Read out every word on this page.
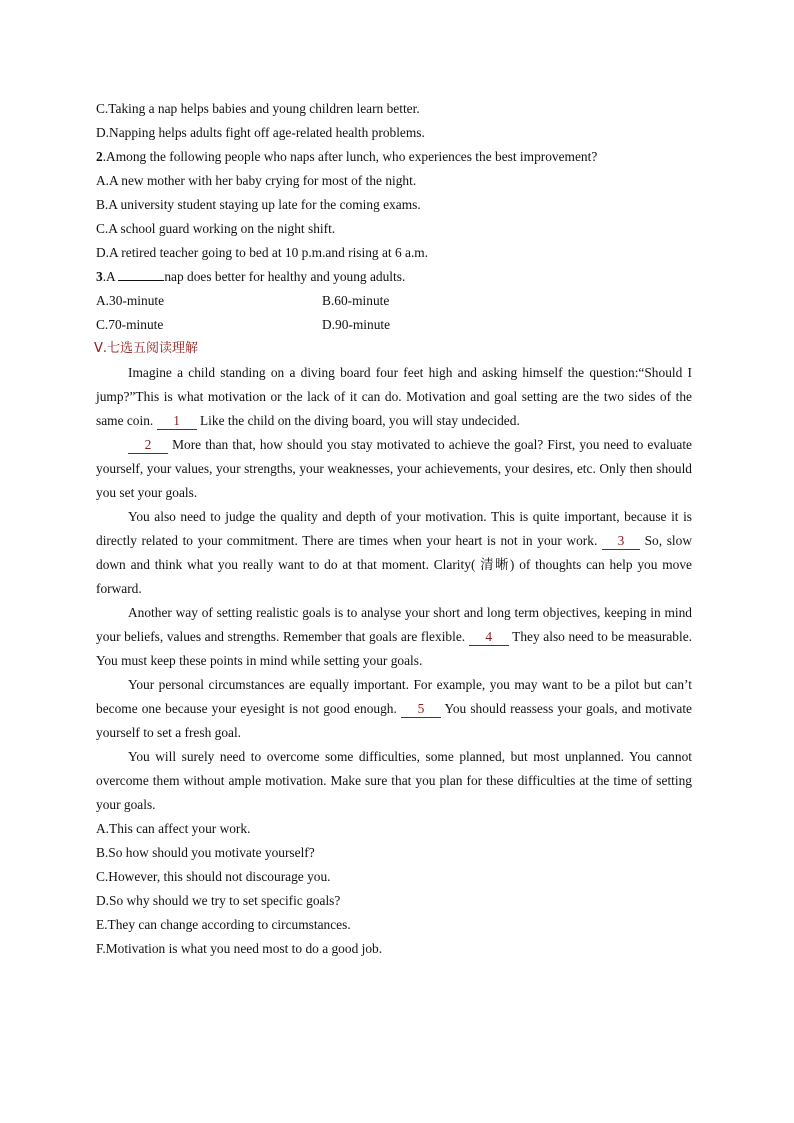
C.Taking a nap helps babies and young children learn better.
D.Napping helps adults fight off age-related health problems.
2.Among the following people who naps after lunch, who experiences the best improvement?
A.A new mother with her baby crying for most of the night.
B.A university student staying up late for the coming exams.
C.A school guard working on the night shift.
D.A retired teacher going to bed at 10 p.m.and rising at 6 a.m.
3.A	nap does better for healthy and young adults.
A.30-minute	B.60-minute
C.70-minute	D.90-minute
Ⅴ.七选五阅读理解
Imagine a child standing on a diving board four feet high and asking himself the question:“Should I jump?”This is what motivation or the lack of it can do. Motivation and goal setting are the two sides of the same coin. 1 Like the child on the diving board, you will stay undecided.
2 More than that, how should you stay motivated to achieve the goal? First, you need to evaluate yourself, your values, your strengths, your weaknesses, your achievements, your desires, etc. Only then should you set your goals.
You also need to judge the quality and depth of your motivation. This is quite important, because it is directly related to your commitment. There are times when your heart is not in your work. 3 So, slow down and think what you really want to do at that moment. Clarity( 清晰) of thoughts can help you move forward.
Another way of setting realistic goals is to analyse your short and long term objectives, keeping in mind your beliefs, values and strengths. Remember that goals are flexible. 4 They also need to be measurable. You must keep these points in mind while setting your goals.
Your personal circumstances are equally important. For example, you may want to be a pilot but can’t become one because your eyesight is not good enough. 5 You should reassess your goals, and motivate yourself to set a fresh goal.
You will surely need to overcome some difficulties, some planned, but most unplanned. You cannot overcome them without ample motivation. Make sure that you plan for these difficulties at the time of setting your goals.
A.This can affect your work.
B.So how should you motivate yourself?
C.However, this should not discourage you.
D.So why should we try to set specific goals?
E.They can change according to circumstances.
F.Motivation is what you need most to do a good job.
